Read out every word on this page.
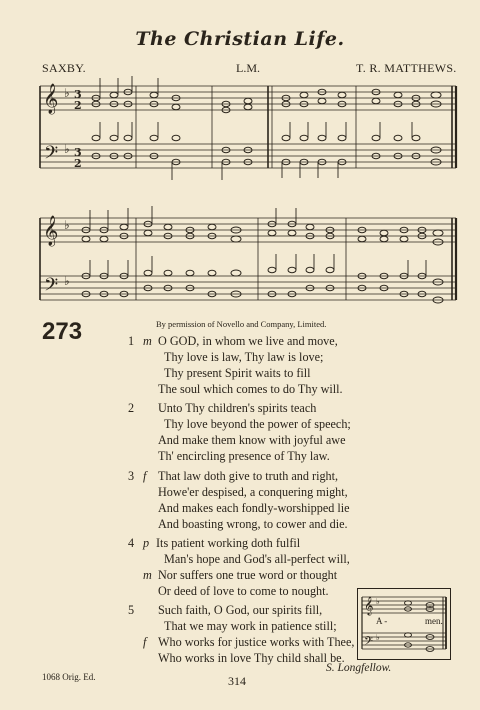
The Christian Life.
SAXBY.	L.M.	T. R. MATTHEWS.
𝄞
𝄢
♭
♭
3
2
3
2
𝄞
𝄢
♭
♭
273	By permission of Novello and Company, Limited.
1 m O GOD, in whom we live and move,
Thy love is law, Thy law is love;
Thy present Spirit waits to fill
The soul which comes to do Thy will.
2 Unto Thy children's spirits teach
Thy love beyond the power of speech;
And make them know with joyful awe
Th' encircling presence of Thy law.
3 f That law doth give to truth and right,
Howe'er despised, a conquering might,
And makes each fondly-worshipped lie
And boasting wrong, to cower and die.
4 p Its patient working doth fulfil
Man's hope and God's all-perfect will,
m Nor suffers one true word or thought
Or deed of love to come to nought.
5 Such faith, O God, our spirits fill,
That we may work in patience still;
f Who works for justice works with Thee,
Who works in love Thy child shall be.
𝄞
𝄢
♭
♭
A -	men.
S. Longfellow.
1068 Orig. Ed.	314
